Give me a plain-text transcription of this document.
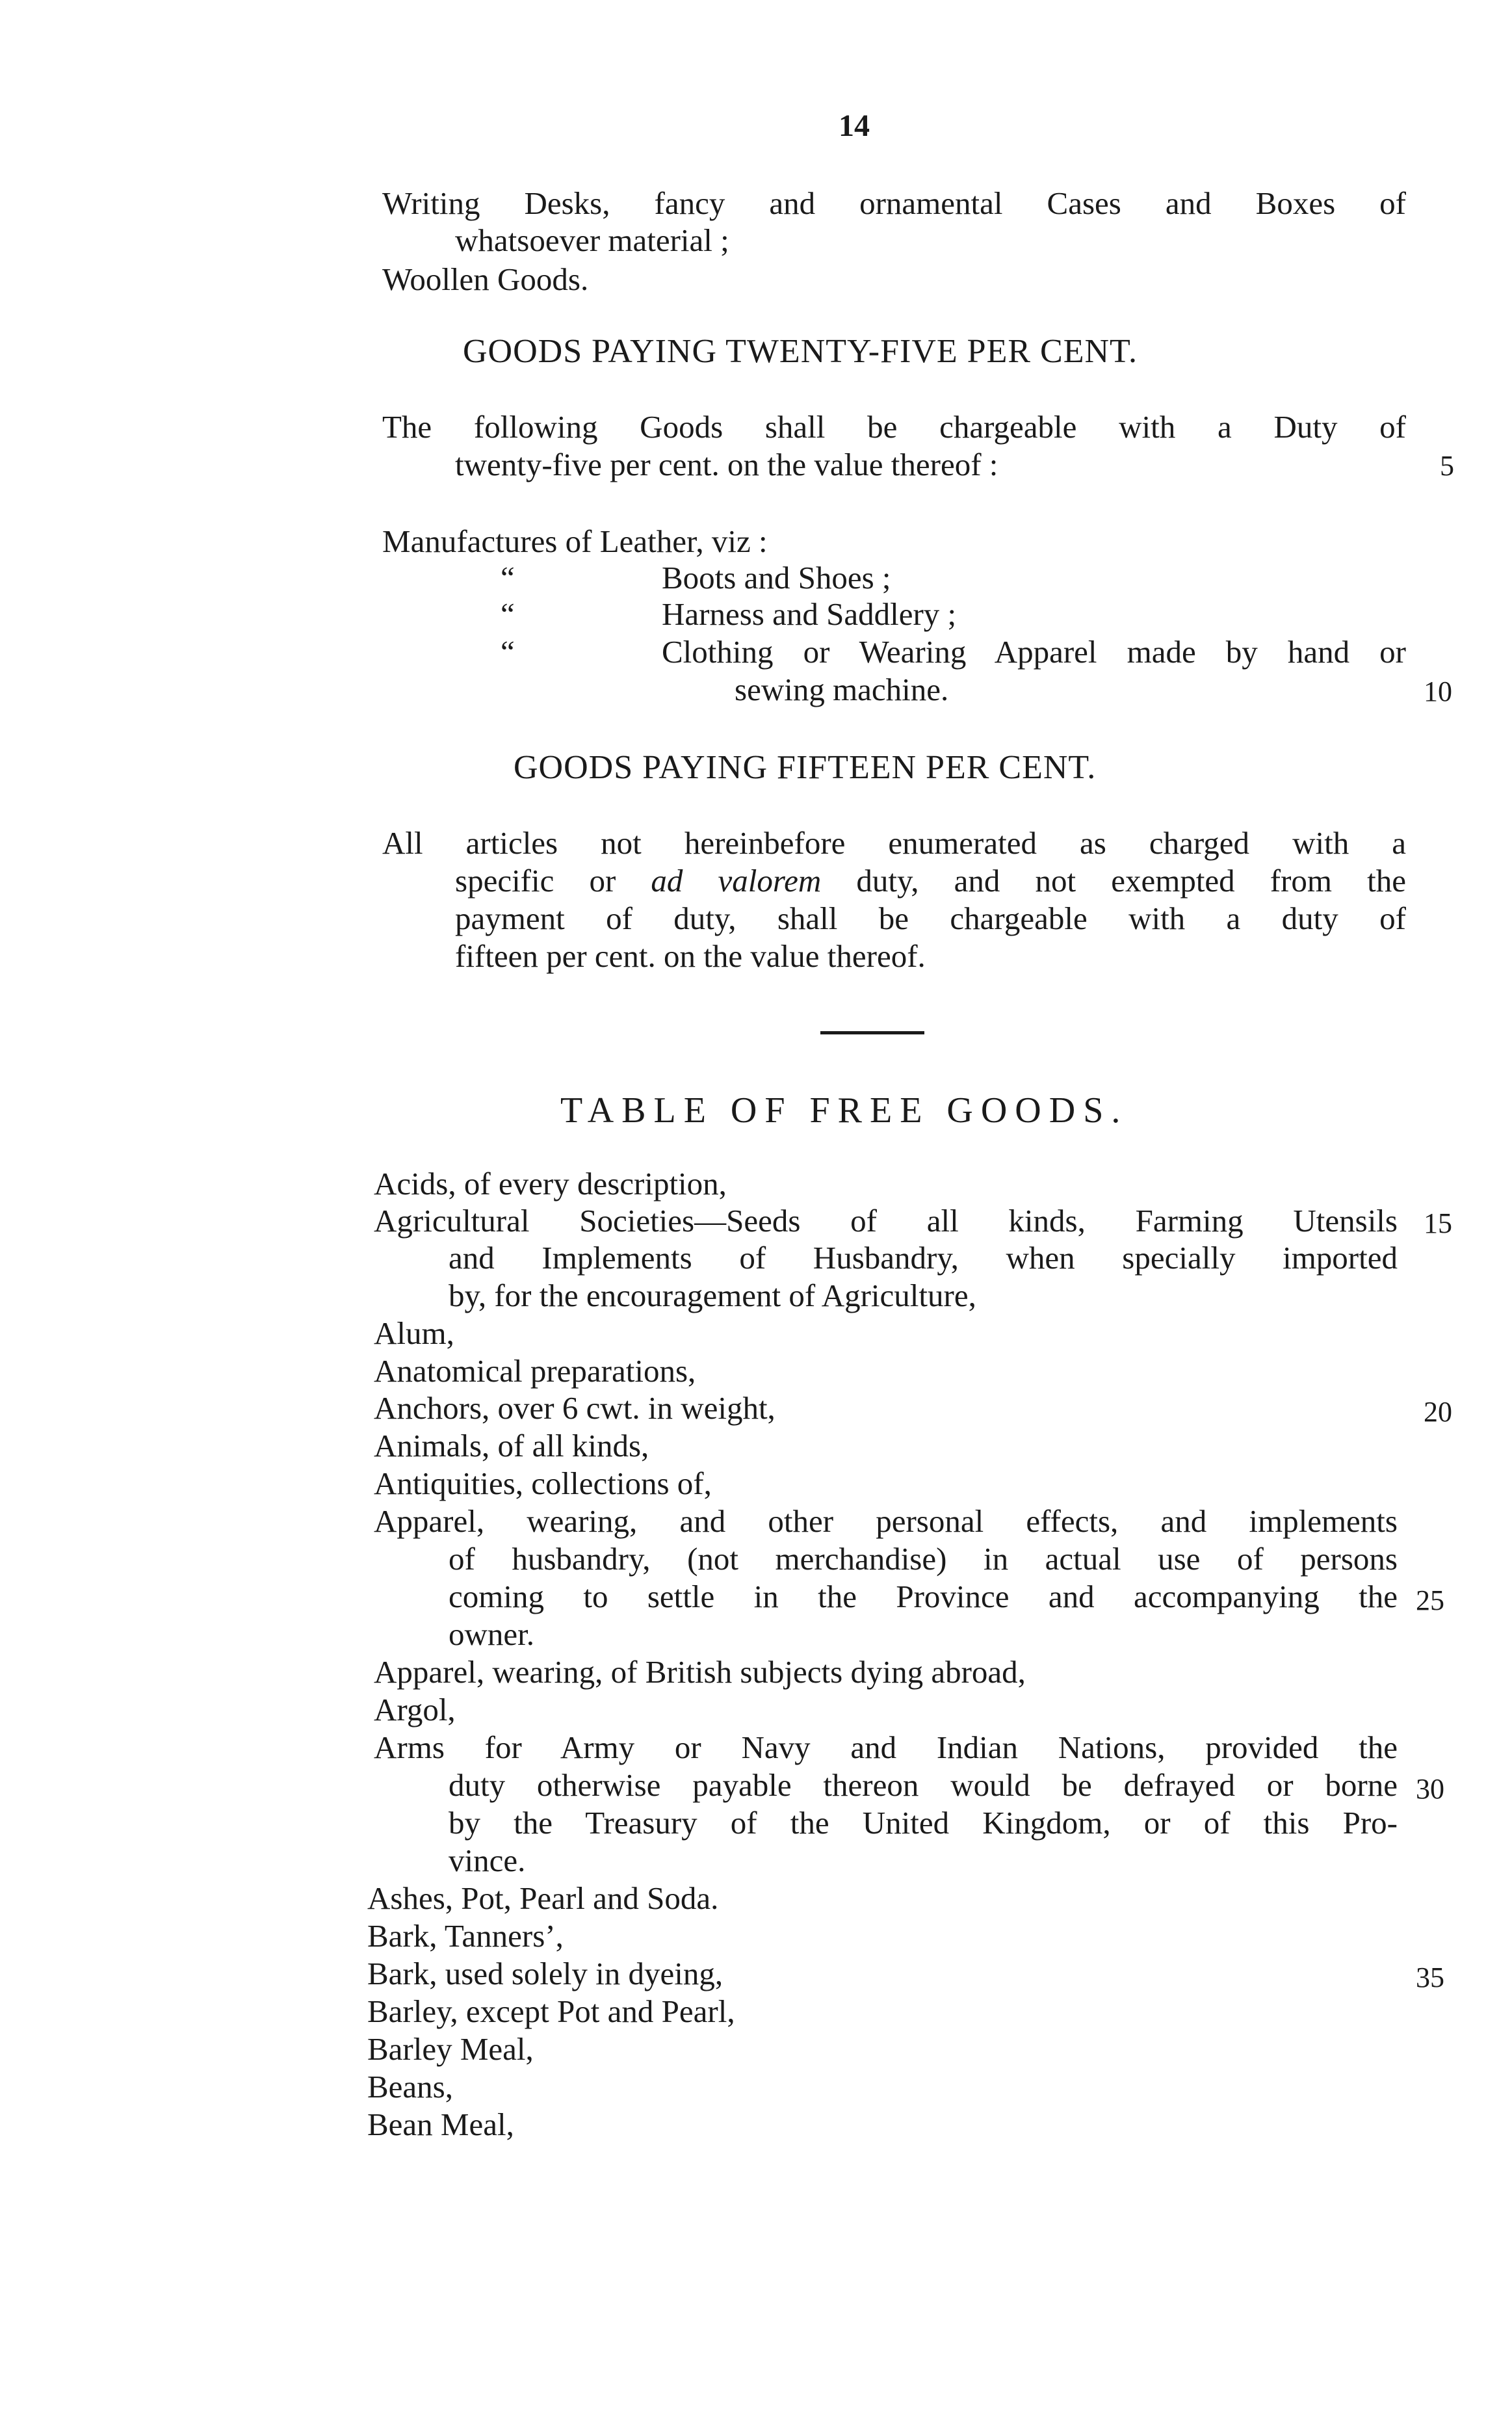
14
Writing Desks, fancy and ornamental Cases and Boxes of
whatsoever material ;
Woollen Goods.
GOODS PAYING TWENTY-FIVE PER CENT.
The following Goods shall be chargeable with a Duty of
twenty-five per cent. on the value thereof :	5
Manufactures of Leather, viz :
“	Boots and Shoes ;
“	Harness and Saddlery ;
“	Clothing or Wearing Apparel made by hand or
sewing machine.	10
GOODS PAYING FIFTEEN PER CENT.
All articles not hereinbefore enumerated as charged with a
specific or ad valorem duty, and not exempted from the
payment of duty, shall be chargeable with a duty of
fifteen per cent. on the value thereof.
TABLE OF FREE GOODS.
Acids, of every description,
Agricultural Societies—Seeds of all kinds, Farming Utensils 15
and Implements of Husbandry, when specially imported
by, for the encouragement of Agriculture,
Alum,
Anatomical preparations,
Anchors, over 6 cwt. in weight,	20
Animals, of all kinds,
Antiquities, collections of,
Apparel, wearing, and other personal effects, and implements
of husbandry, (not merchandise) in actual use of persons
coming to settle in the Province and accompanying the 25
owner.
Apparel, wearing, of British subjects dying abroad,
Argol,
Arms for Army or Navy and Indian Nations, provided the
duty otherwise payable thereon would be defrayed or borne 30
by the Treasury of the United Kingdom, or of this Pro-
vince.
Ashes, Pot, Pearl and Soda.
Bark, Tanners’,
Bark, used solely in dyeing,	35
Barley, except Pot and Pearl,
Barley Meal,
Beans,
Bean Meal,
